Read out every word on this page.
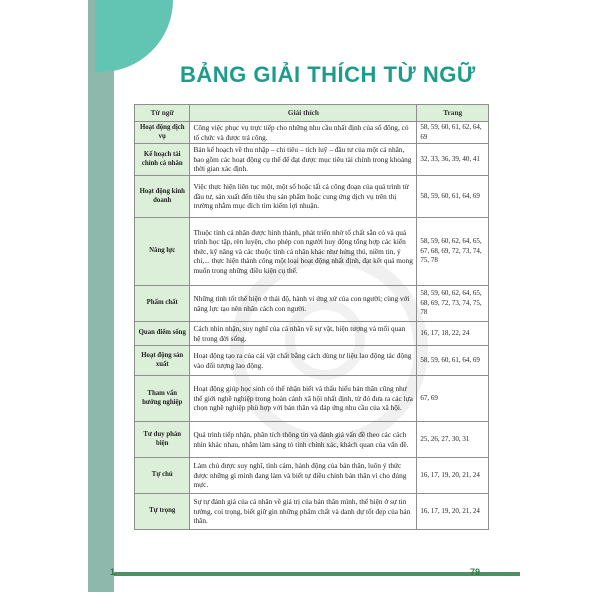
BẢNG GIẢI THÍCH TỪ NGỮ
Từ ngữ	Giải thích	Trang
Hoạt động dịch vụ	Công việc phục vụ trực tiếp cho những nhu cầu nhất định của số đông, có tổ chức và được trả công.	58, 59, 60, 61, 62, 64, 69
Kế hoạch tài chính cá nhân	Bản kế hoạch về thu nhập – chi tiêu – tích luỹ – đầu tư của một cá nhân, bao gồm các hoạt động cụ thể để đạt được mục tiêu tài chính trong khoảng thời gian xác định.	32, 33, 36, 39, 40, 41
Hoạt động kinh doanh	Việc thực hiện liên tục một, một số hoặc tất cả công đoạn của quá trình từ đầu tư, sản xuất đến tiêu thụ sản phẩm hoặc cung ứng dịch vụ trên thị trường nhằm mục đích tìm kiếm lợi nhuận.	58, 59, 60, 61, 64, 69
Năng lực	Thuộc tính cá nhân được hình thành, phát triển nhờ tố chất sẵn có và quá trình học tập, rèn luyện, cho phép con người huy động tổng hợp các kiến thức, kỹ năng và các thuộc tính cá nhân khác như hứng thú, niềm tin, ý chí,... thực hiện thành công một loại hoạt động nhất định, đạt kết quả mong muốn trong những điều kiện cụ thể.	58, 59, 60, 62, 64, 65, 67, 68, 69, 72, 73, 74, 75, 78
Phẩm chất	Những tính tốt thể hiện ở thái độ, hành vi ứng xử của con người; cùng với năng lực tạo nên nhân cách con người.	58, 59, 60, 62, 64, 65, 68, 69, 72, 73, 74, 75, 78
Quan điểm sống	Cách nhìn nhận, suy nghĩ của cá nhân về sự vật, hiện tượng và mối quan hệ trong đời sống.	16, 17, 18, 22, 24
Hoạt động sản xuất	Hoạt động tạo ra của cải vật chất bằng cách dùng tư liệu lao động tác động vào đối tượng lao động.	58, 59, 60, 61, 64, 69
Tham vấn hướng nghiệp	Hoạt động giúp học sinh có thể nhận biết và thấu hiểu bản thân cũng như thế giới nghề nghiệp trong hoàn cảnh xã hội nhất định, từ đó đưa ra các lựa chọn nghề nghiệp phù hợp với bản thân và đáp ứng nhu cầu của xã hội.	67, 69
Tư duy phản biện	Quá trình tiếp nhận, phân tích thông tin và đánh giá vấn đề theo các cách nhìn khác nhau, nhằm làm sáng tỏ tính chính xác, khách quan của vấn đề.	25, 26, 27, 30, 31
Tự chủ	Làm chủ được suy nghĩ, tình cảm, hành động của bản thân, luôn ý thức được những gì mình đang làm và biết tự điều chỉnh bản thân vì cho đúng mực.	16, 17, 19, 20, 21, 24
Tự trọng	Sự tự đánh giá của cá nhân về giá trị của bản thân mình, thể hiện ở sự tin tưởng, coi trọng, biết giữ gìn những phẩm chất và danh dự tốt đẹp của bản thân.	16, 17, 19, 20, 21, 24
1	79
